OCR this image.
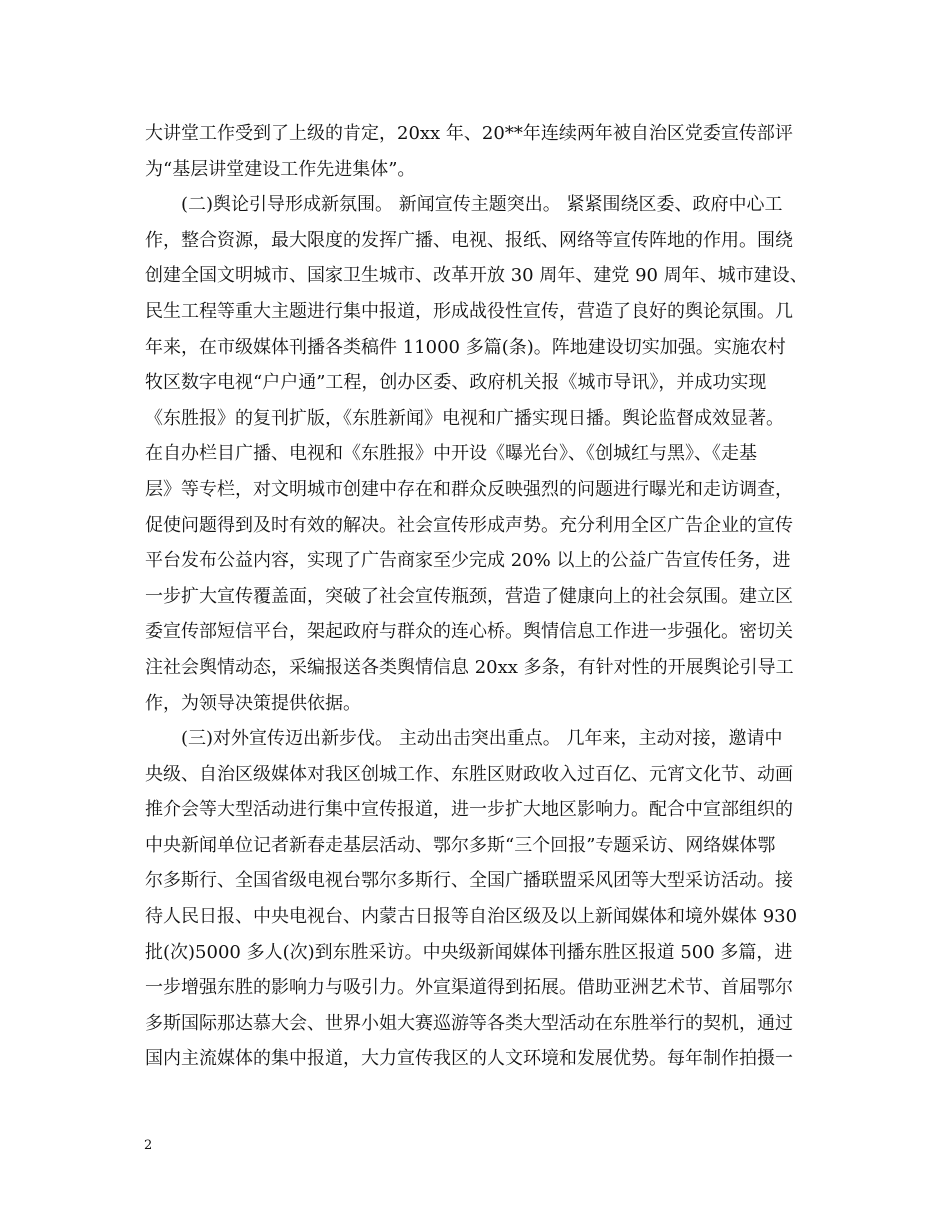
大讲堂工作受到了上级的肯定，20xx 年、20**年连续两年被自治区党委宣传部评
为“基层讲堂建设工作先进集体”。
(二)舆论引导形成新氛围。 新闻宣传主题突出。 紧紧围绕区委、政府中心工
作，整合资源，最大限度的发挥广播、电视、报纸、网络等宣传阵地的作用。围绕
创建全国文明城市、国家卫生城市、改革开放 30 周年、建党 90 周年、城市建设、
民生工程等重大主题进行集中报道，形成战役性宣传，营造了良好的舆论氛围。几
年来，在市级媒体刊播各类稿件 11000 多篇(条)。阵地建设切实加强。实施农村
牧区数字电视“户户通”工程，创办区委、政府机关报《城市导讯》，并成功实现
《东胜报》的复刊扩版，《东胜新闻》电视和广播实现日播。舆论监督成效显著。
在自办栏目广播、电视和《东胜报》中开设《曝光台》、《创城红与黑》、《走基
层》等专栏，对文明城市创建中存在和群众反映强烈的问题进行曝光和走访调查，
促使问题得到及时有效的解决。社会宣传形成声势。充分利用全区广告企业的宣传
平台发布公益内容，实现了广告商家至少完成 20% 以上的公益广告宣传任务，进
一步扩大宣传覆盖面，突破了社会宣传瓶颈，营造了健康向上的社会氛围。建立区
委宣传部短信平台，架起政府与群众的连心桥。舆情信息工作进一步强化。密切关
注社会舆情动态，采编报送各类舆情信息 20xx 多条，有针对性的开展舆论引导工
作，为领导决策提供依据。
(三)对外宣传迈出新步伐。 主动出击突出重点。 几年来，主动对接，邀请中
央级、自治区级媒体对我区创城工作、东胜区财政收入过百亿、元宵文化节、动画
推介会等大型活动进行集中宣传报道，进一步扩大地区影响力。配合中宣部组织的
中央新闻单位记者新春走基层活动、鄂尔多斯“三个回报”专题采访、网络媒体鄂
尔多斯行、全国省级电视台鄂尔多斯行、全国广播联盟采风团等大型采访活动。接
待人民日报、中央电视台、内蒙古日报等自治区级及以上新闻媒体和境外媒体 930
批(次)5000 多人(次)到东胜采访。中央级新闻媒体刊播东胜区报道 500 多篇，进
一步增强东胜的影响力与吸引力。外宣渠道得到拓展。借助亚洲艺术节、首届鄂尔
多斯国际那达慕大会、世界小姐大赛巡游等各类大型活动在东胜举行的契机，通过
国内主流媒体的集中报道，大力宣传我区的人文环境和发展优势。每年制作拍摄一
2
